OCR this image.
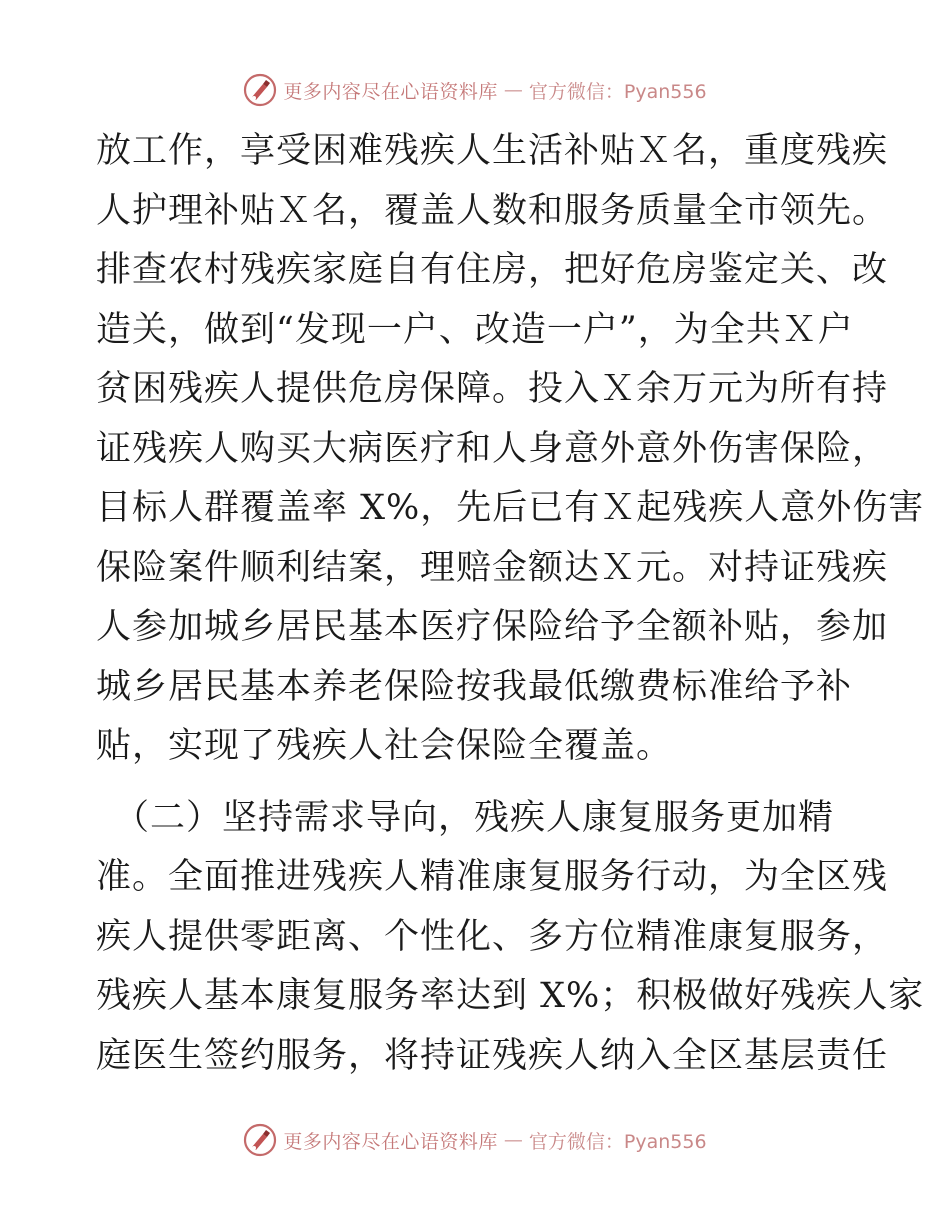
更多内容尽在心语资料库 — 官方微信：Pyan556
放工作，享受困难残疾人生活补贴Ｘ名，重度残疾
人护理补贴Ｘ名，覆盖人数和服务质量全市领先。
排查农村残疾家庭自有住房，把好危房鉴定关、改
造关，做到“发现一户、改造一户”，为全共Ｘ户
贫困残疾人提供危房保障。投入Ｘ余万元为所有持
证残疾人购买大病医疗和人身意外意外伤害保险，
目标人群覆盖率 X%，先后已有Ｘ起残疾人意外伤害
保险案件顺利结案，理赔金额达Ｘ元。对持证残疾
人参加城乡居民基本医疗保险给予全额补贴，参加
城乡居民基本养老保险按我最低缴费标准给予补
贴，实现了残疾人社会保险全覆盖。
（二）坚持需求导向，残疾人康复服务更加精
准。全面推进残疾人精准康复服务行动，为全区残
疾人提供零距离、个性化、多方位精准康复服务，
残疾人基本康复服务率达到 X%；积极做好残疾人家
庭医生签约服务，将持证残疾人纳入全区基层责任
更多内容尽在心语资料库 — 官方微信：Pyan556
